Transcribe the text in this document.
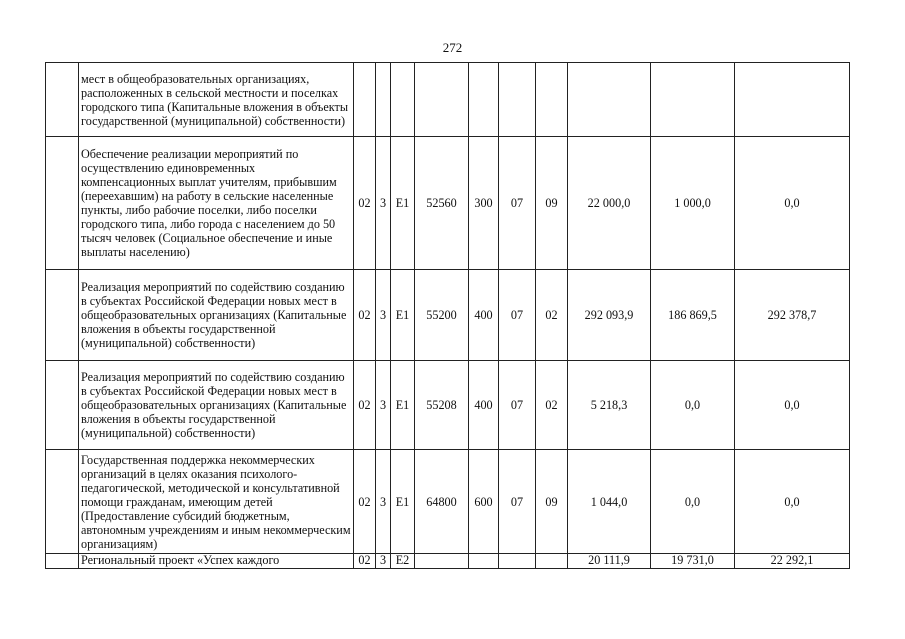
272
	мест в общеобразовательных организациях, расположенных в сельской местности и поселках городского типа (Капитальные вложения в объекты государственной (муниципальной) собственности)										
	Обеспечение реализации мероприятий по осуществлению единовременных компенсационных выплат учителям, прибывшим (переехавшим) на работу в сельские населенные пункты, либо рабочие поселки, либо поселки городского типа, либо города с населением до 50 тысяч человек (Социальное обеспечение и иные выплаты населению)	02	3	Е1	52560	300	07	09	22 000,0	1 000,0	0,0
	Реализация мероприятий по содействию созданию в субъектах Российской Федерации новых мест в общеобразовательных организациях (Капитальные вложения в объекты государственной (муниципальной) собственности)	02	3	Е1	55200	400	07	02	292 093,9	186 869,5	292 378,7
	Реализация мероприятий по содействию созданию в субъектах Российской Федерации новых мест в общеобразовательных организациях (Капитальные вложения в объекты государственной (муниципальной) собственности)	02	3	Е1	55208	400	07	02	5 218,3	0,0	0,0
	Государственная поддержка некоммерческих организаций в целях оказания психолого-педагогической, методической и консультативной помощи гражданам, имеющим детей (Предоставление субсидий бюджетным, автономным учреждениям и иным некоммерческим организациям)	02	3	Е1	64800	600	07	09	1 044,0	0,0	0,0
	Региональный проект «Успех каждого	02	3	Е2					20 111,9	19 731,0	22 292,1
